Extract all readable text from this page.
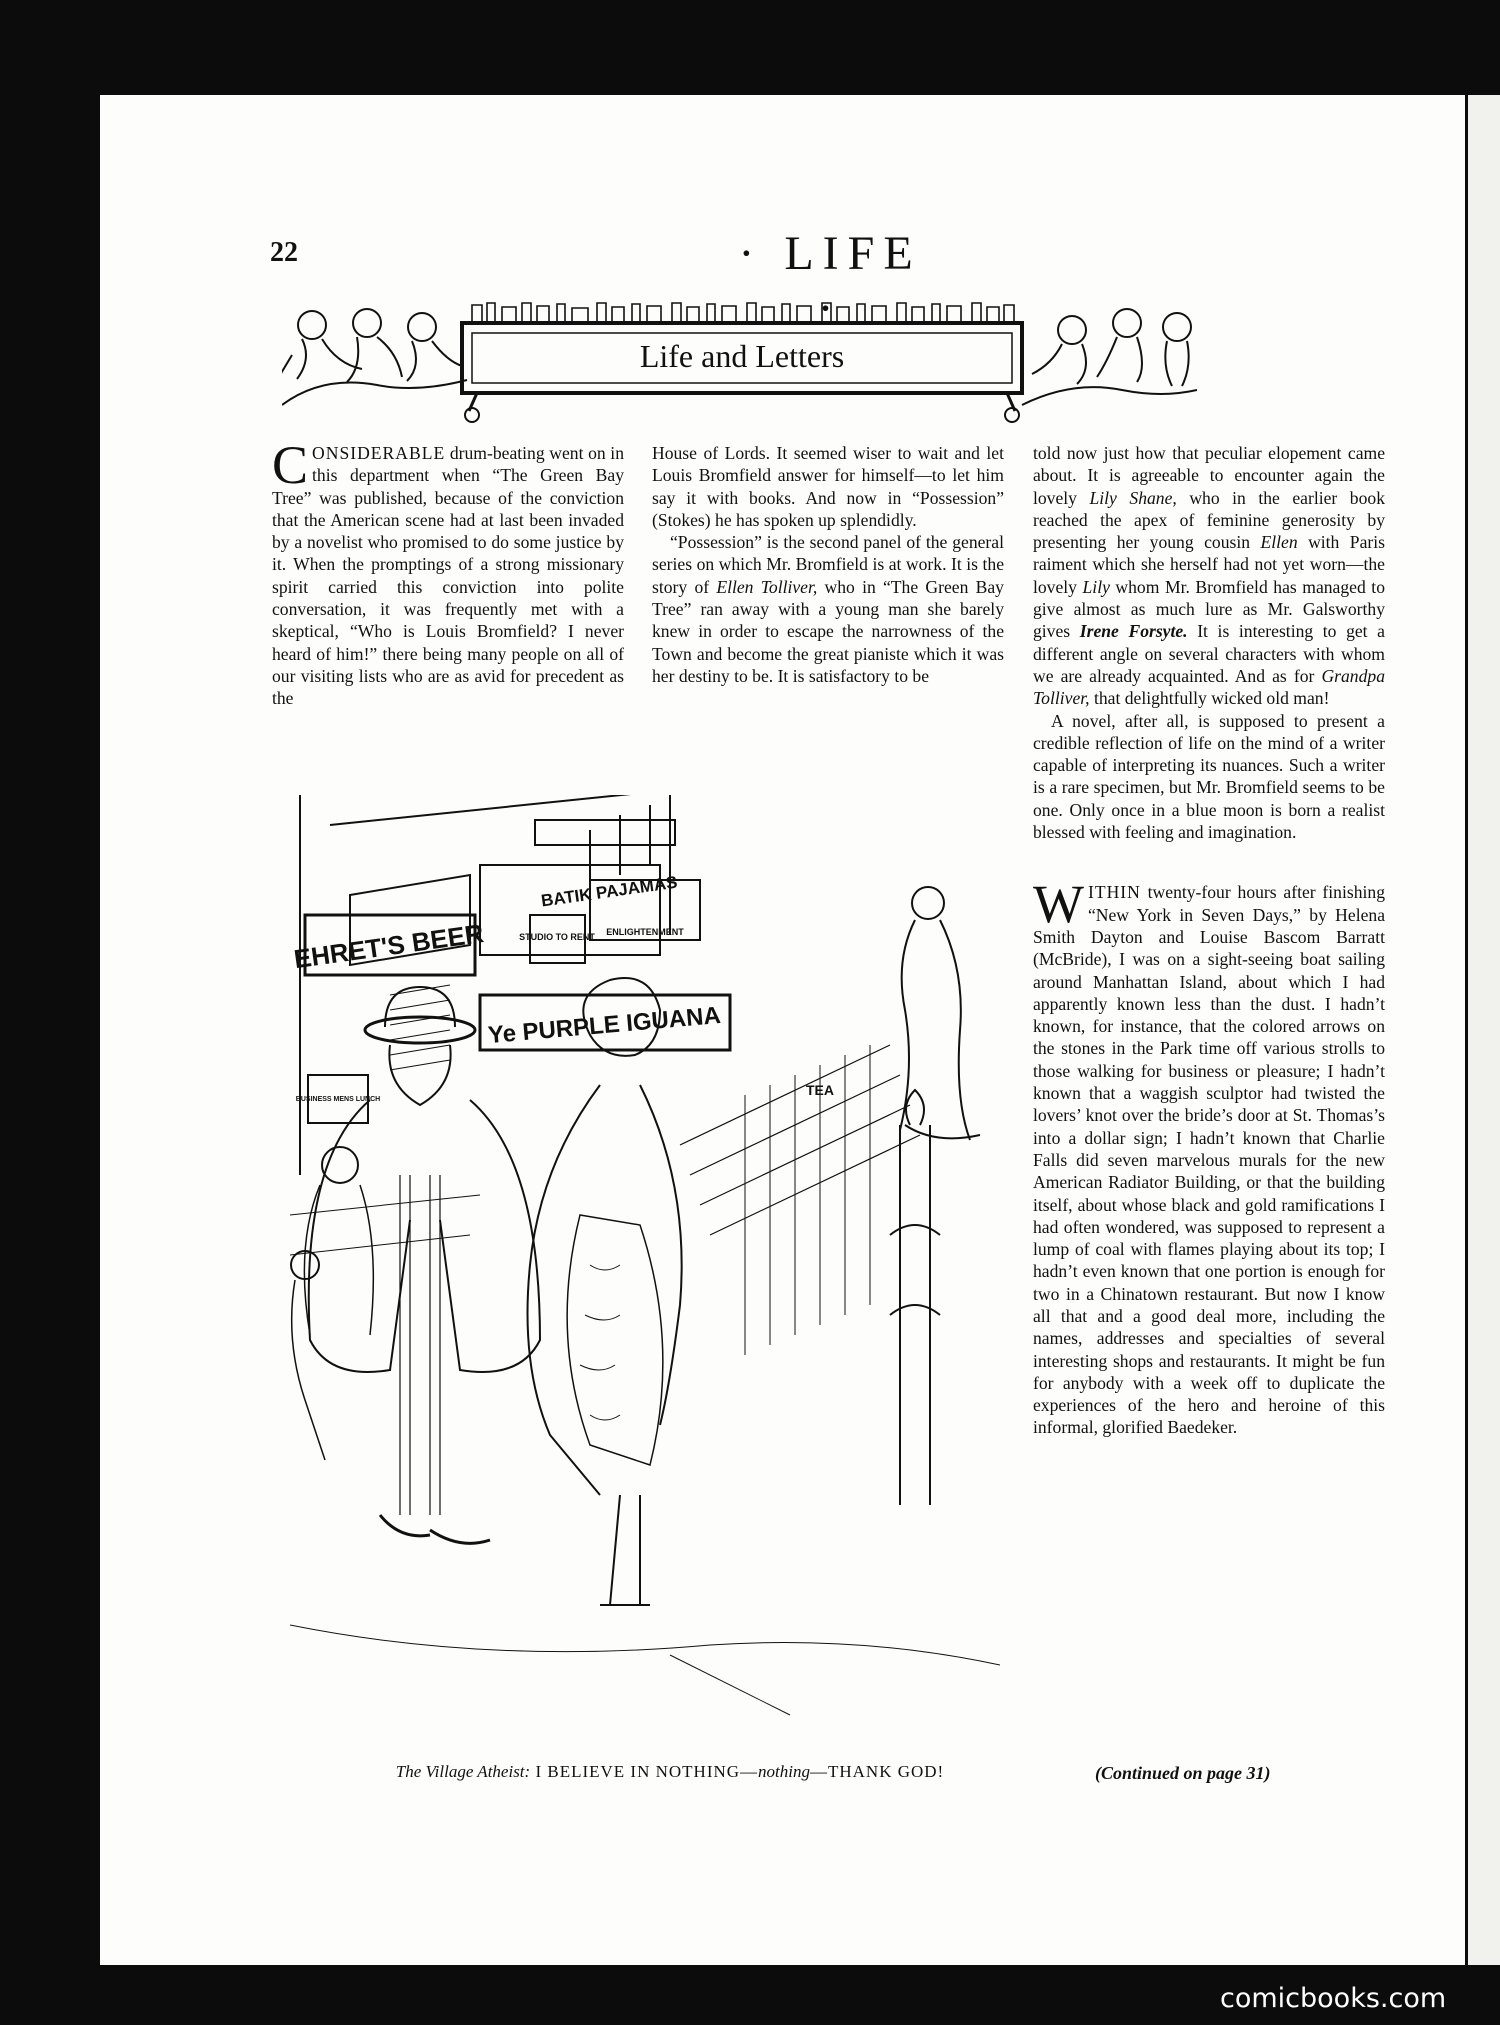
22	· LIFE ·
Life and Letters

CONSIDERABLE drum-beating went on in this department when “The Green Bay Tree” was published, because of the conviction that the American scene had at last been invaded by a novelist who promised to do some justice by it. When the promptings of a strong missionary spirit carried this conviction into polite conversation, it was frequently met with a skeptical, “Who is Louis Bromfield? I never heard of him!” there being many people on all of our visiting lists who are as avid for precedent as the

House of Lords. It seemed wiser to wait and let Louis Bromfield answer for himself—to let him say it with books. And now in “Possession” (Stokes) he has spoken up splendidly.

“Possession” is the second panel of the general series on which Mr. Bromfield is at work. It is the story of Ellen Tolliver, who in “The Green Bay Tree” ran away with a young man she barely knew in order to escape the narrowness of the Town and become the great pianiste which it was her destiny to be. It is satisfactory to be

told now just how that peculiar elopement came about. It is agreeable to encounter again the lovely Lily Shane, who in the earlier book reached the apex of feminine generosity by presenting her young cousin Ellen with Paris raiment which she herself had not yet worn—the lovely Lily whom Mr. Bromfield has managed to give almost as much lure as Mr. Galsworthy gives Irene Forsyte. It is interesting to get a different angle on several characters with whom we are already acquainted. And as for Grandpa Tolliver, that delightfully wicked old man!

A novel, after all, is supposed to present a credible reflection of life on the mind of a writer capable of interpreting its nuances. Such a writer is a rare specimen, but Mr. Bromfield seems to be one. Only once in a blue moon is born a realist blessed with feeling and imagination.

WITHIN twenty-four hours after finishing “New York in Seven Days,” by Helena Smith Dayton and Louise Bascom Barratt (McBride), I was on a sight-seeing boat sailing around Manhattan Island, about which I had apparently known less than the dust. I hadn’t known, for instance, that the colored arrows on the stones in the Park time off various strolls to those walking for business or pleasure; I hadn’t known that a waggish sculptor had twisted the lovers’ knot over the bride’s door at St. Thomas’s into a dollar sign; I hadn’t known that Charlie Falls did seven marvelous murals for the new American Radiator Building, or that the building itself, about whose black and gold ramifications I had often wondered, was supposed to represent a lump of coal with flames playing about its top; I hadn’t even known that one portion is enough for two in a Chinatown restaurant. But now I know all that and a good deal more, including the names, addresses and specialties of several interesting shops and restaurants. It might be fun for anybody with a week off to duplicate the experiences of the hero and heroine of this informal, glorified Baedeker.

EHRET'S BEER
BATIK PAJAMAS
STUDIO TO RENT ENLIGHTENMENT
Ye PURPLE IGUANA
BUSINESS MENS LUNCH
TEA
The Village Atheist: I BELIEVE IN NOTHING—nothing—THANK GOD!	(Continued on page 31)
comicbooks.com
